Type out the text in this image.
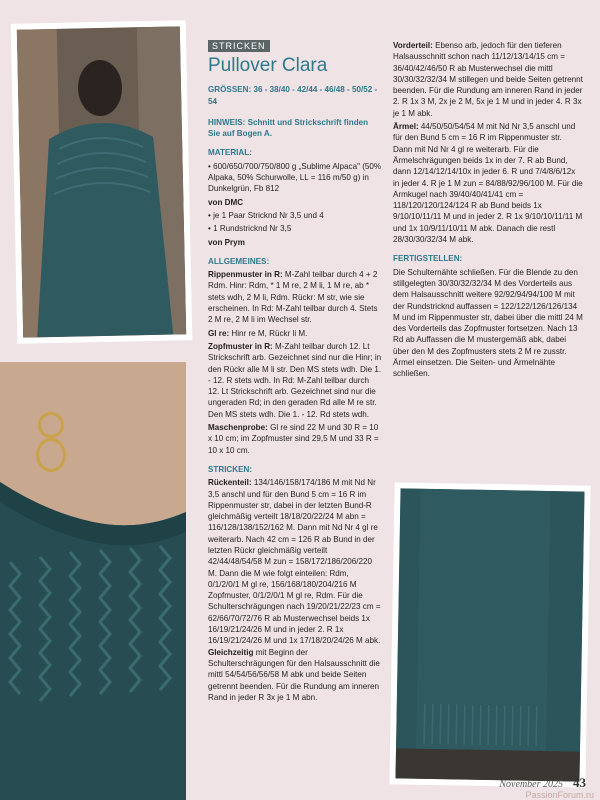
STRICKEN
Pullover Clara

GRÖSSEN: 36 - 38/40 - 42/44 - 46/48 - 50/52 - 54

HINWEIS: Schnitt und Strickschrift finden Sie auf Bogen A.

MATERIAL:

• 600/650/700/750/800 g „Sublime Alpaca" (50% Alpaka, 50% Schurwolle, LL = 116 m/50 g) in Dunkelgrün, Fb 812

von DMC

• je 1 Paar Stricknd Nr 3,5 und 4

• 1 Rundstricknd Nr 3,5

von Prym

ALLGEMEINES:

Rippenmuster in R: M-Zahl teilbar durch 4 + 2 Rdm. Hinr: Rdm, * 1 M re, 2 M li, 1 M re, ab * stets wdh, 2 M li, Rdm. Rückr: M str, wie sie erscheinen. In Rd: M-Zahl teilbar durch 4. Stets 2 M re, 2 M li im Wechsel str.

Gl re: Hinr re M, Rückr li M.

Zopfmuster in R: M-Zahl teilbar durch 12. Lt Strickschrift arb. Gezeichnet sind nur die Hinr; in den Rückr alle M li str. Den MS stets wdh. Die 1. - 12. R stets wdh. In Rd: M-Zahl teilbar durch 12. Lt Strickschrift arb. Gezeichnet sind nur die ungeraden Rd; in den geraden Rd alle M re str. Den MS stets wdh. Die 1. - 12. Rd stets wdh.

Maschenprobe: Gl re sind 22 M und 30 R = 10 x 10 cm; im Zopfmuster sind 29,5 M und 33 R = 10 x 10 cm.

STRICKEN:

Rückenteil: 134/146/158/174/186 M mit Nd Nr 3,5 anschl und für den Bund 5 cm = 16 R im Rippenmuster str, dabei in der letzten Bund-R gleichmäßig verteilt 18/18/20/22/24 M abn = 116/128/138/152/162 M. Dann mit Nd Nr 4 gl re weiterarb. Nach 42 cm = 126 R ab Bund in der letzten Rückr gleichmäßig verteilt 42/44/48/54/58 M zun = 158/172/186/206/220 M. Dann die M wie folgt einteilen: Rdm, 0/1/2/0/1 M gl re, 156/168/180/204/216 M Zopfmuster, 0/1/2/0/1 M gl re, Rdm. Für die Schulterschrägungen nach 19/20/21/22/23 cm = 62/66/70/72/76 R ab Musterwechsel beids 1x 16/19/21/24/26 M und in jeder 2. R 1x 16/19/21/24/26 M und 1x 17/18/20/24/26 M abk. Gleichzeitig mit Beginn der Schulterschrägungen für den Halsausschnitt die mittl 54/54/56/56/58 M abk und beide Seiten getrennt beenden. Für die Rundung am inneren Rand in jeder R 3x je 1 M abn.

Vorderteil: Ebenso arb, jedoch für den tieferen Halsausschnitt schon nach 11/12/13/14/15 cm = 36/40/42/46/50 R ab Musterwechsel die mittl 30/30/32/32/34 M stillegen und beide Seiten getrennt beenden. Für die Rundung am inneren Rand in jeder 2. R 1x 3 M, 2x je 2 M, 5x je 1 M und in jeder 4. R 3x je 1 M abk.

Ärmel: 44/50/50/54/54 M mit Nd Nr 3,5 anschl und für den Bund 5 cm = 16 R im Rippenmuster str. Dann mit Nd Nr 4 gl re weiterarb. Für die Ärmelschrägungen beids 1x in der 7. R ab Bund, dann 12/14/12/14/10x in jeder 6. R und 7/4/8/6/12x in jeder 4. R je 1 M zun = 84/88/92/96/100 M. Für die Armkugel nach 39/40/40/41/41 cm = 118/120/120/124/124 R ab Bund beids 1x 9/10/10/11/11 M und in jeder 2. R 1x 9/10/10/11/11 M und 1x 10/9/11/10/11 M abk. Danach die restl 28/30/30/32/34 M abk.

FERTIGSTELLEN:

Die Schulternähte schließen. Für die Blende zu den stillgelegten 30/30/32/32/34 M des Vorderteils aus dem Halsausschnitt weitere 92/92/94/94/100 M mit der Rundstricknd auffassen = 122/122/126/126/134 M und im Rippenmuster str, dabei über die mittl 24 M des Vorderteils das Zopfmuster fortsetzen. Nach 13 Rd ab Auffassen die M mustergemäß abk, dabei über den M des Zopfmusters stets 2 M re zusstr. Ärmel einsetzen. Die Seiten- und Ärmelnähte schließen.

November 2025 43
PassionForum.ru
